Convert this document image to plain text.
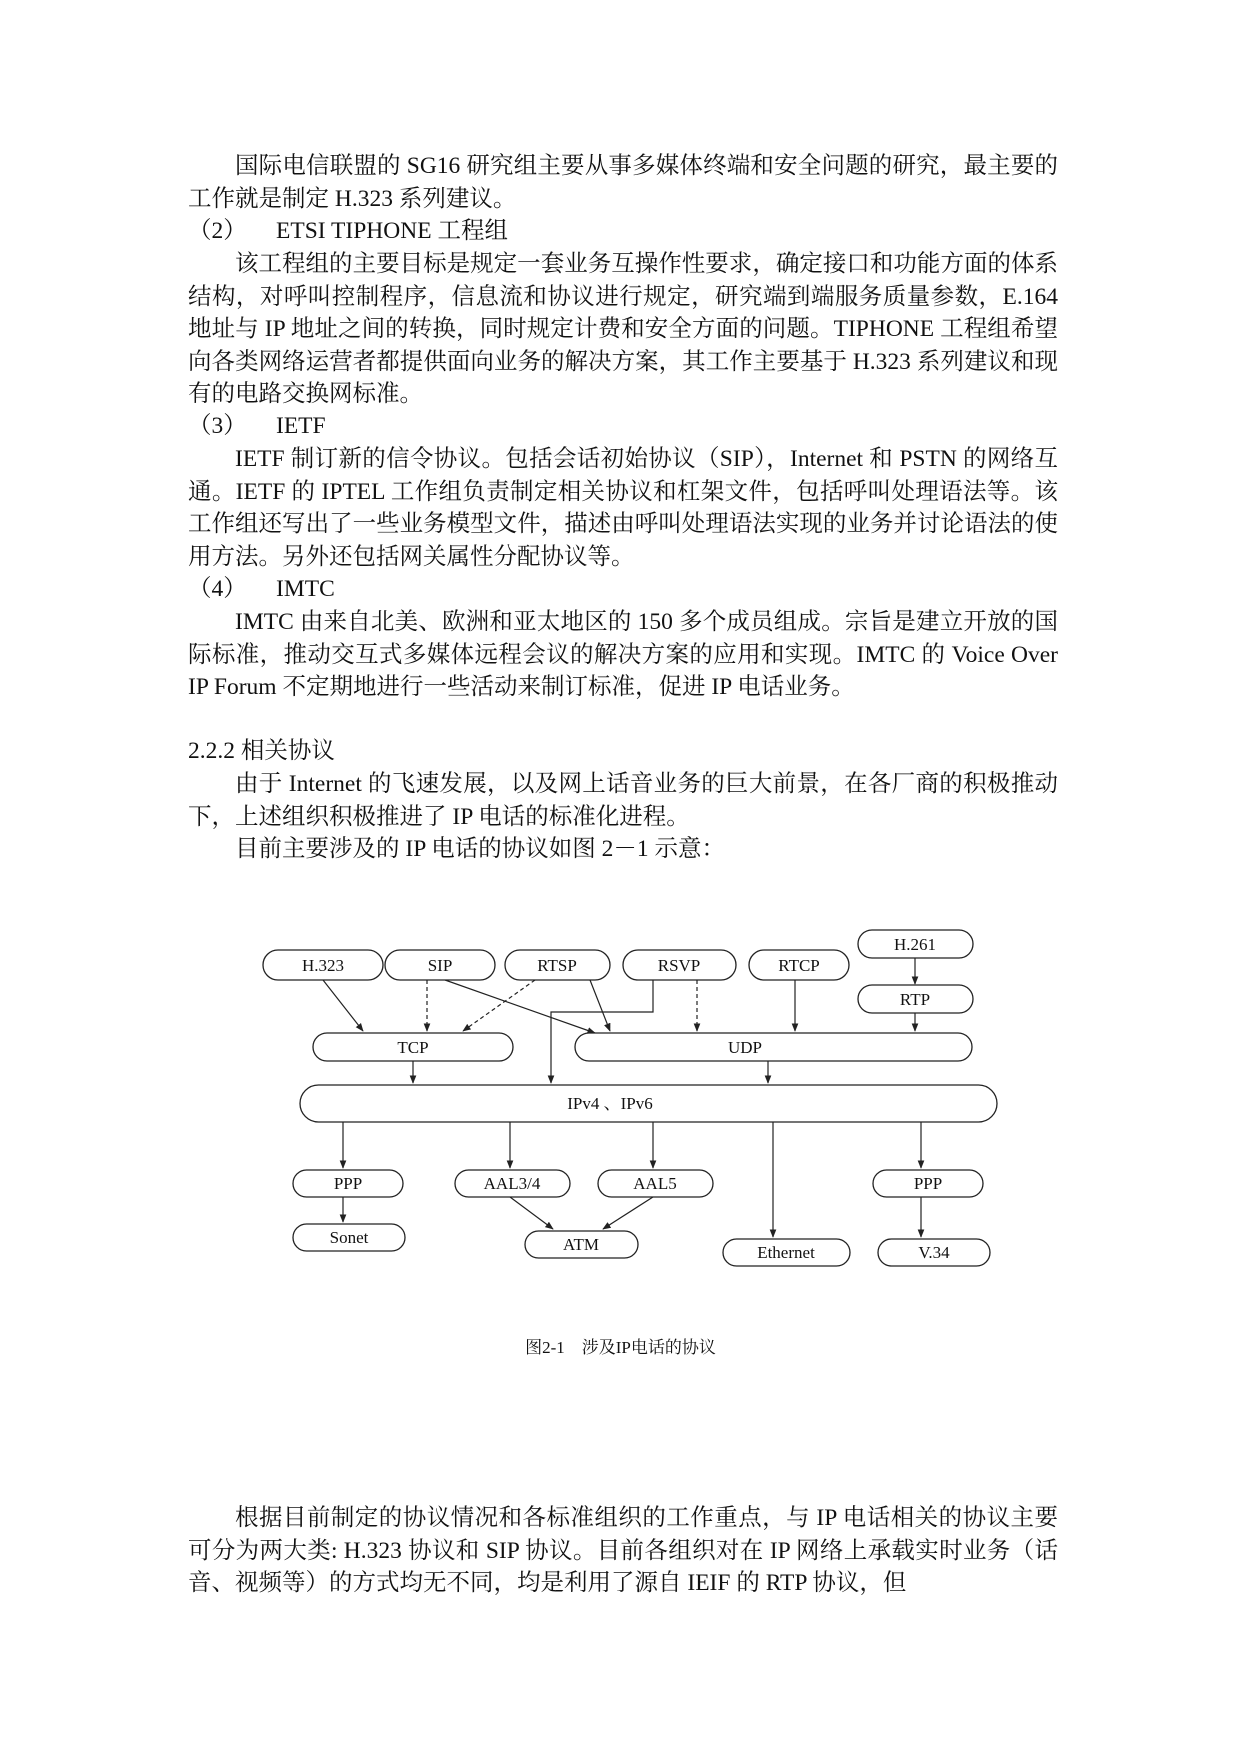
国际电信联盟的 SG16 研究组主要从事多媒体终端和安全问题的研究，最主要的工作就是制定 H.323 系列建议。

（2） ETSI TIPHONE 工程组

该工程组的主要目标是规定一套业务互操作性要求，确定接口和功能方面的体系结构，对呼叫控制程序，信息流和协议进行规定，研究端到端服务质量参数，E.164 地址与 IP 地址之间的转换，同时规定计费和安全方面的问题。TIPHONE 工程组希望向各类网络运营者都提供面向业务的解决方案，其工作主要基于 H.323 系列建议和现有的电路交换网标准。

（3） IETF

IETF 制订新的信令协议。包括会话初始协议（SIP），Internet 和 PSTN 的网络互通。IETF 的 IPTEL 工作组负责制定相关协议和杠架文件，包括呼叫处理语法等。该工作组还写出了一些业务模型文件，描述由呼叫处理语法实现的业务并讨论语法的使用方法。另外还包括网关属性分配协议等。

（4） IMTC

IMTC 由来自北美、欧洲和亚太地区的 150 多个成员组成。宗旨是建立开放的国际标准，推动交互式多媒体远程会议的解决方案的应用和实现。IMTC 的 Voice Over IP Forum 不定期地进行一些活动来制订标准，促进 IP 电话业务。

2.2.2 相关协议

由于 Internet 的飞速发展，以及网上话音业务的巨大前景，在各厂商的积极推动下，上述组织积极推进了 IP 电话的标准化进程。

目前主要涉及的 IP 电话的协议如图 2－1 示意：

H.323	SIP	RTSP	RSVP	RTCP
H.261
RTP
TCP	UDP
IPv4 、IPv6
PPP	AAL3/4	AAL5	PPP
Sonet	ATM	Ethernet	V.34
图2-1　涉及IP电话的协议

根据目前制定的协议情况和各标准组织的工作重点，与 IP 电话相关的协议主要可分为两大类: H.323 协议和 SIP 协议。目前各组织对在 IP 网络上承载实时业务（话音、视频等）的方式均无不同，均是利用了源自 IEIF 的 RTP 协议，但
